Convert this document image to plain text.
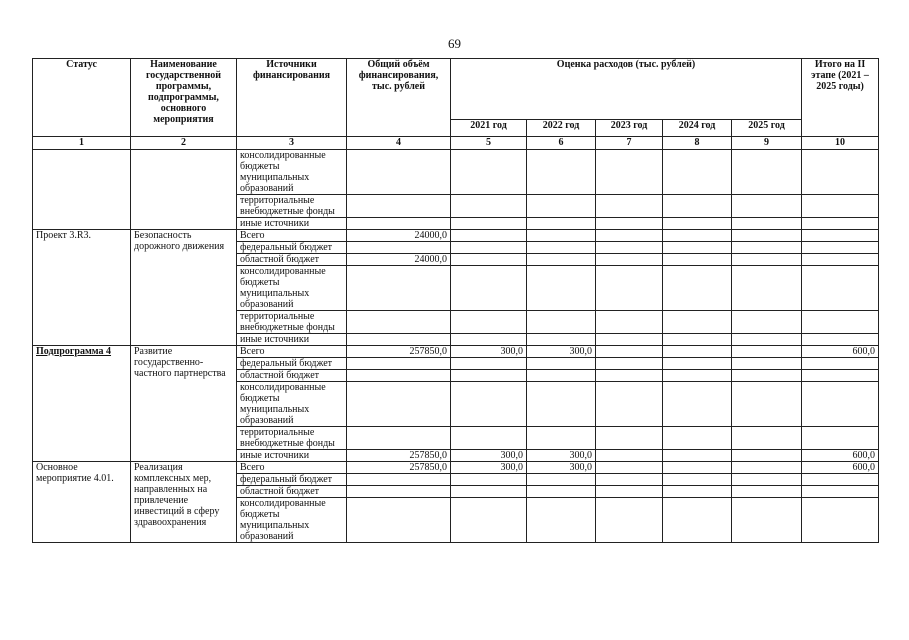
69
Статус	Наименование государственной программы, подпрограммы, основного мероприятия	Источники финансирования	Общий объём финансирования, тыс. рублей	Оценка расходов (тыс. рублей)					Итого на II этапе (2021 – 2025 годы)
				2021 год	2022 год	2023 год	2024 год	2025 год	
1	2	3	4	5	6	7	8	9	10
		консолидированные бюджеты муниципальных образований							
		территориальные внебюджетные фонды							
		иные источники							
Проект 3.R3.	Безопасность дорожного движения	Всего	24000,0						
		федеральный бюджет							
		областной бюджет	24000,0						
		консолидированные бюджеты муниципальных образований							
		территориальные внебюджетные фонды							
		иные источники							
Подпрограмма 4	Развитие государственно-частного партнерства	Всего	257850,0	300,0	300,0				600,0
		федеральный бюджет							
		областной бюджет							
		консолидированные бюджеты муниципальных образований							
		территориальные внебюджетные фонды							
		иные источники	257850,0	300,0	300,0				600,0
Основное мероприятие 4.01.	Реализация комплексных мер, направленных на привлечение инвестиций в сферу здравоохранения	Всего	257850,0	300,0	300,0				600,0
		федеральный бюджет							
		областной бюджет							
		консолидированные бюджеты муниципальных образований							
